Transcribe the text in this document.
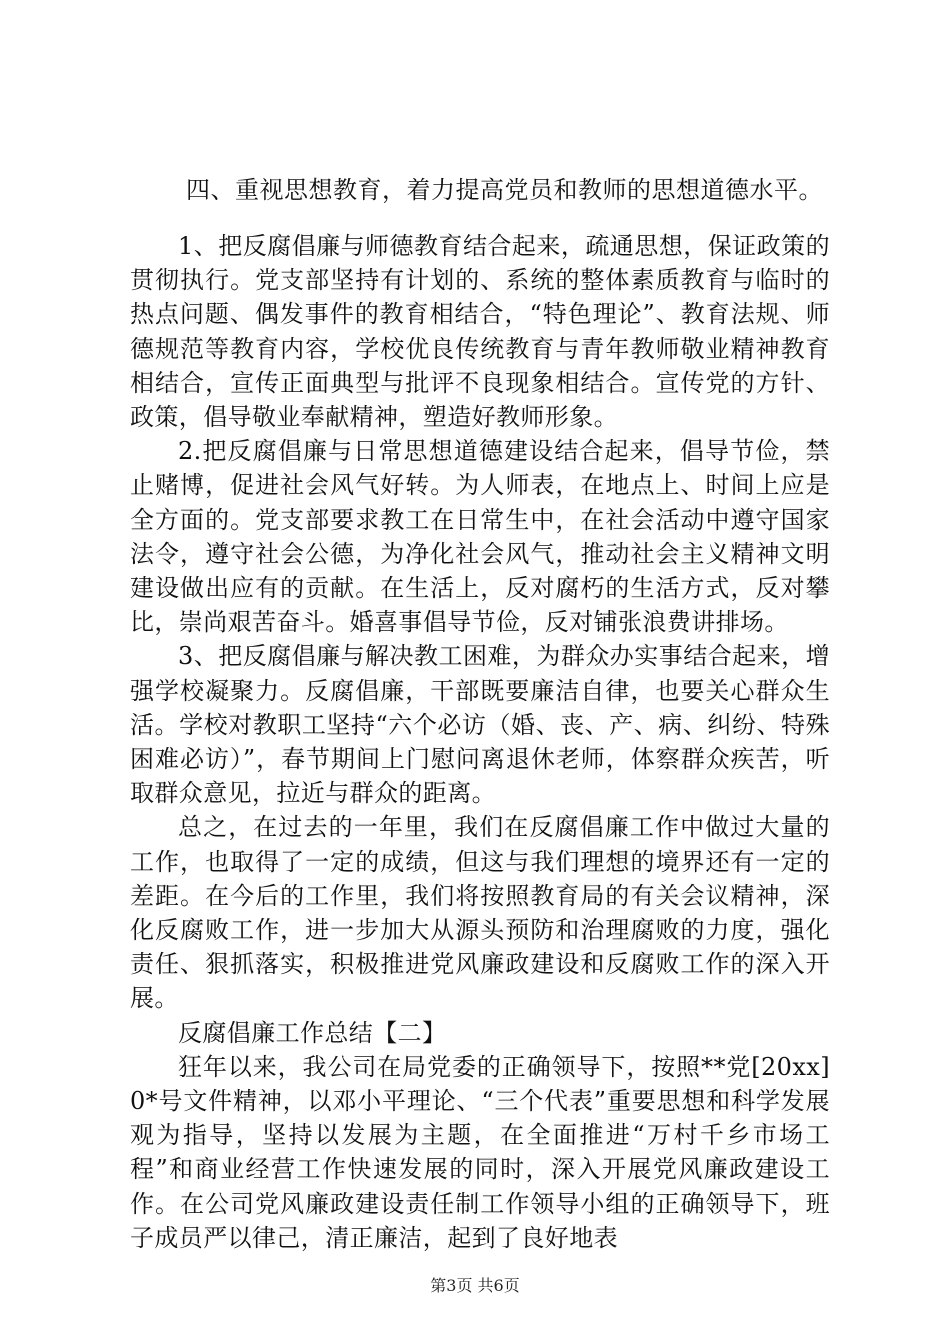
四、重视思想教育，着力提高党员和教师的思想道德水平。

1、把反腐倡廉与师德教育结合起来，疏通思想，保证政策的贯彻执行。党支部坚持有计划的、系统的整体素质教育与临时的热点问题、偶发事件的教育相结合，“特色理论”、教育法规、师德规范等教育内容，学校优良传统教育与青年教师敬业精神教育相结合，宣传正面典型与批评不良现象相结合。宣传党的方针、政策，倡导敬业奉献精神，塑造好教师形象。

2.把反腐倡廉与日常思想道德建设结合起来，倡导节俭，禁止赌博，促进社会风气好转。为人师表，在地点上、时间上应是全方面的。党支部要求教工在日常生中，在社会活动中遵守国家法令，遵守社会公德，为净化社会风气，推动社会主义精神文明建设做出应有的贡献。在生活上，反对腐朽的生活方式，反对攀比，崇尚艰苦奋斗。婚喜事倡导节俭，反对铺张浪费讲排场。

3、把反腐倡廉与解决教工困难，为群众办实事结合起来，增强学校凝聚力。反腐倡廉，干部既要廉洁自律，也要关心群众生活。学校对教职工坚持“六个必访（婚、丧、产、病、纠纷、特殊困难必访）”，春节期间上门慰问离退休老师，体察群众疾苦，听取群众意见，拉近与群众的距离。

总之，在过去的一年里，我们在反腐倡廉工作中做过大量的工作，也取得了一定的成绩，但这与我们理想的境界还有一定的差距。在今后的工作里，我们将按照教育局的有关会议精神，深化反腐败工作，进一步加大从源头预防和治理腐败的力度，强化责任、狠抓落实，积极推进党风廉政建设和反腐败工作的深入开展。

反腐倡廉工作总结【二】

狂年以来，我公司在局党委的正确领导下，按照**党[20xx]0*号文件精神，以邓小平理论、“三个代表”重要思想和科学发展观为指导，坚持以发展为主题，在全面推进“万村千乡市场工程”和商业经营工作快速发展的同时，深入开展党风廉政建设工作。在公司党风廉政建设责任制工作领导小组的正确领导下，班子成员严以律己，清正廉洁，起到了良好地表

第3页 共6页
